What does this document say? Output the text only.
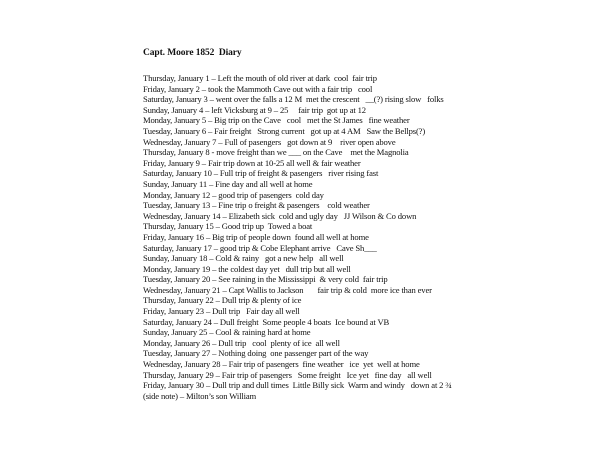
Capt. Moore 1852  Diary
Thursday, January 1 – Left the mouth of old river at dark  cool  fair trip
Friday, January 2 – took the Mammoth Cave out with a fair trip   cool
Saturday, January 3 – went over the falls a 12 M  met the crescent   __(?) rising slow   folks
Sunday, January 4 – left Vicksburg at 9 – 25     fair trip  got up at 12
Monday, January 5 – Big trip on the Cave   cool   met the St James   fine weather
Tuesday, January 6 – Fair freight   Strong current   got up at 4 AM   Saw the Bellps(?)
Wednesday, January 7 – Full of pasengers   got down at 9    river open above
Thursday, January 8 - move freight than we ___ on the Cave    met the Magnolia
Friday, January 9 – Fair trip down at 10-25 all well & fair weather
Saturday, January 10 – Full trip of freight & pasengers   river rising fast
Sunday, January 11 – Fine day and all well at home
Monday, January 12 – good trip of pasengers  cold day
Tuesday, January 13 – Fine trip o freight & pasengers    cold weather
Wednesday, January 14 – Elizabeth sick  cold and ugly day   JJ Wilson & Co down
Thursday, January 15 – Good trip up  Towed a boat
Friday, January 16 – Big trip of people down  found all well at home
Saturday, January 17 – good trip & Cobe Elephant arrive   Cave Sh___
Sunday, January 18 – Cold & rainy   got a new help   all well
Monday, January 19 – the coldest day yet   dull trip but all well
Tuesday, January 20 – See raining in the Mississippi  & very cold  fair trip
Wednesday, January 21 – Capt Wallis to Jackson       fair trip & cold  more ice than ever
Thursday, January 22 – Dull trip & plenty of ice
Friday, January 23 – Dull trip   Fair day all well
Saturday, January 24 – Dull freight  Some people 4 boats  Ice bound at VB
Sunday, January 25 – Cool & raining hard at home
Monday, January 26 – Dull trip   cool  plenty of ice  all well
Tuesday, January 27 – Nothing doing  one passenger part of the way
Wednesday, January 28 – Fair trip of pasengers  fine weather   ice  yet  well at home
Thursday, January 29 – Fair trip of pasengers   Some freight   Ice yet   fine day   all well
Friday, January 30 – Dull trip and dull times  Little Billy sick  Warm and windy   down at 2 ¾
(side note) – Milton’s son William
